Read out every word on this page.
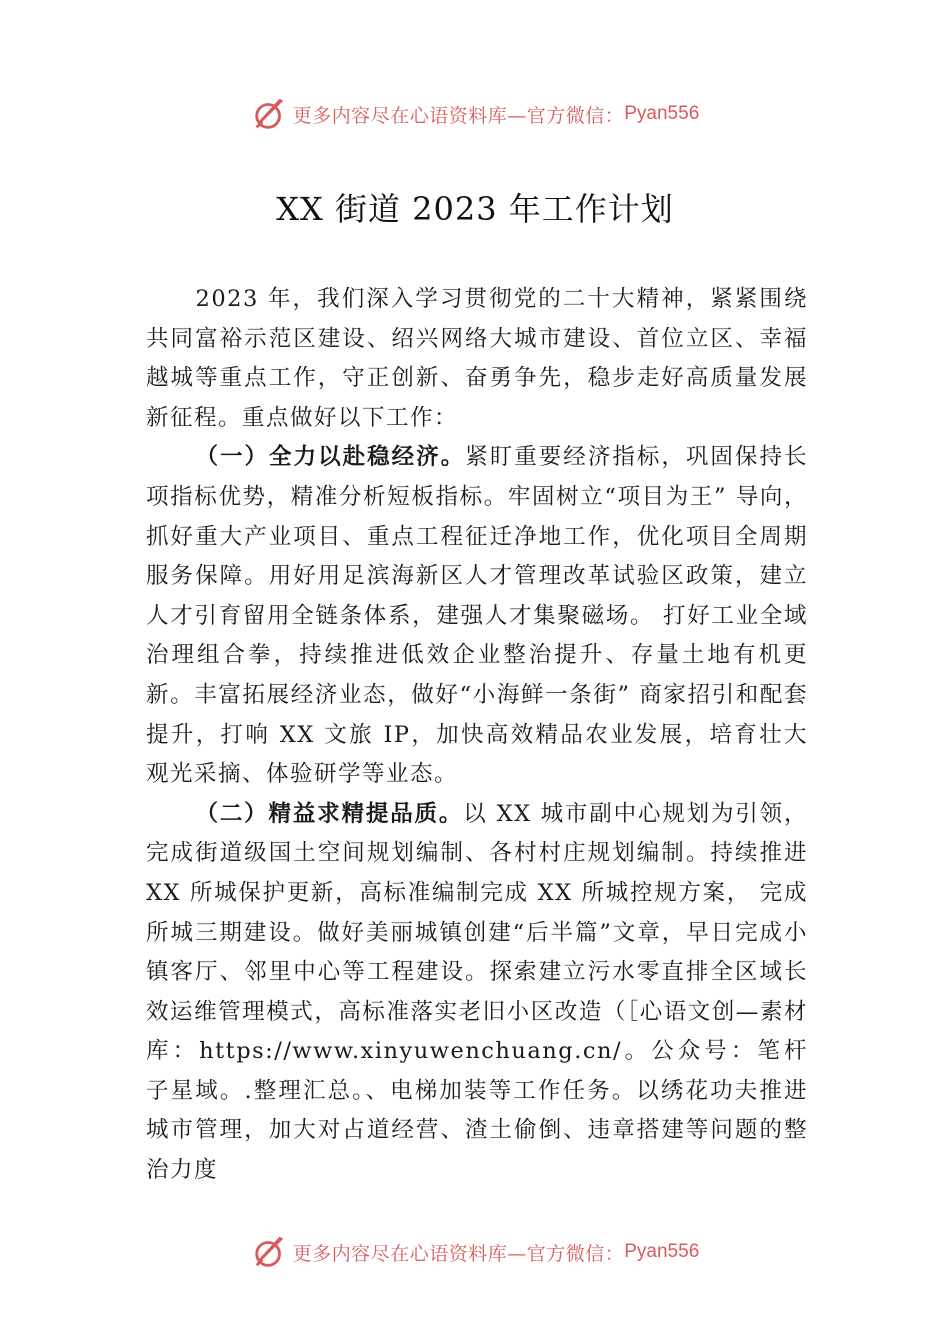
更多内容尽在心语资料库—官方微信： Pyan556
XX 街道 2023 年工作计划

2023 年，我们深入学习贯彻党的二十大精神，紧紧围绕共同富裕示范区建设、绍兴网络大城市建设、首位立区、幸福越城等重点工作，守正创新、奋勇争先，稳步走好高质量发展新征程。重点做好以下工作：

（一）全力以赴稳经济。紧盯重要经济指标，巩固保持长项指标优势，精准分析短板指标。牢固树立“项目为王” 导向，抓好重大产业项目、重点工程征迁净地工作，优化项目全周期服务保障。用好用足滨海新区人才管理改革试验区政策，建立人才引育留用全链条体系，建强人才集聚磁场。 打好工业全域治理组合拳，持续推进低效企业整治提升、存量土地有机更新。丰富拓展经济业态，做好“小海鲜一条街” 商家招引和配套提升，打响 XX 文旅 IP，加快高效精品农业发展，培育壮大观光采摘、体验研学等业态。

（二）精益求精提品质。以 XX 城市副中心规划为引领，完成街道级国土空间规划编制、各村村庄规划编制。持续推进 XX 所城保护更新，高标准编制完成 XX 所城控规方案， 完成所城三期建设。做好美丽城镇创建“后半篇”文章，早日完成小镇客厅、邻里中心等工程建设。探索建立污水零直排全区域长效运维管理模式，高标准落实老旧小区改造（［心语文创—素材库：https://www.xinyuwenchuang.cn/。公众号：笔杆子星域。.整理汇总。、电梯加装等工作任务。以绣花功夫推进城市管理，加大对占道经营、渣土偷倒、违章搭建等问题的整治力度

更多内容尽在心语资料库—官方微信： Pyan556
